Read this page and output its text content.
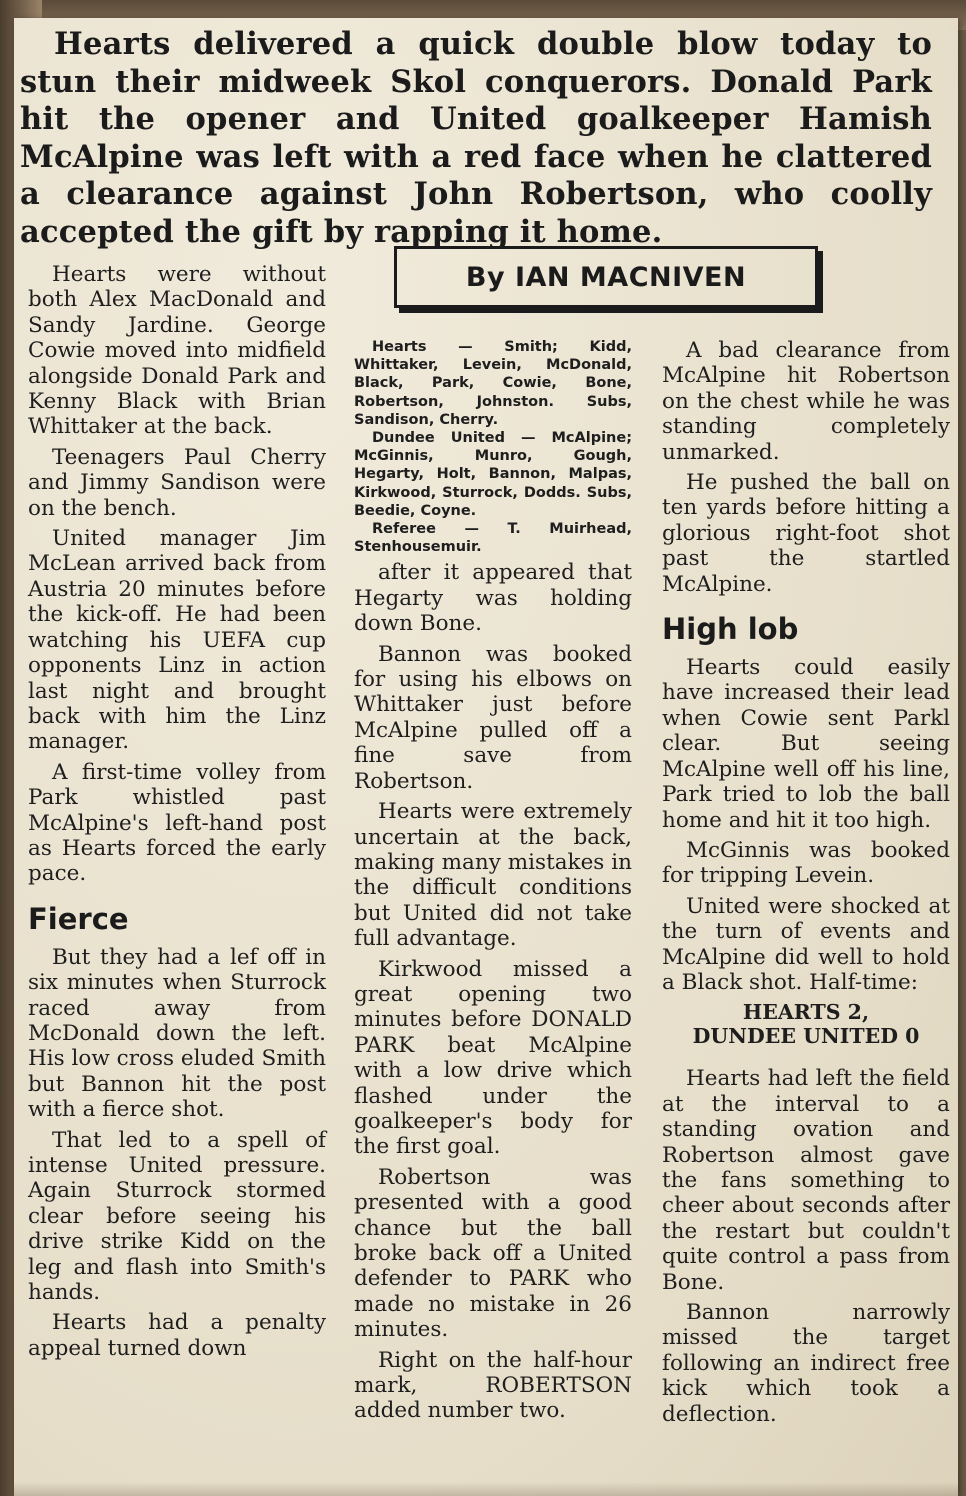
Hearts delivered a quick double blow today to stun their midweek Skol conquerors. Donald Park hit the opener and United goalkeeper Hamish McAlpine was left with a red face when he clattered a clearance against John Robertson, who coolly accepted the gift by rapping it home.
By IAN MACNIVEN

Hearts were without both Alex MacDonald and Sandy Jardine. George Cowie moved into midfield alongside Donald Park and Kenny Black with Brian Whittaker at the back.

Teenagers Paul Cherry and Jimmy Sandison were on the bench.

United manager Jim McLean arrived back from Austria 20 minutes before the kick-off. He had been watching his UEFA cup opponents Linz in action last night and brought back with him the Linz manager.

A first-time volley from Park whistled past McAlpine's left-hand post as Hearts forced the early pace.

Fierce

But they had a lef off in six minutes when Sturrock raced away from McDonald down the left. His low cross eluded Smith but Bannon hit the post with a fierce shot.

That led to a spell of intense United pressure. Again Sturrock stormed clear before seeing his drive strike Kidd on the leg and flash into Smith's hands.

Hearts had a penalty appeal turned down

Hearts — Smith; Kidd, Whittaker, Levein, McDonald, Black, Park, Cowie, Bone, Robertson, Johnston. Subs, Sandison, Cherry.
Dundee United — McAlpine; McGinnis, Munro, Gough, Hegarty, Holt, Bannon, Malpas, Kirkwood, Sturrock, Dodds. Subs, Beedie, Coyne.
Referee — T. Muirhead, Stenhousemuir.

after it appeared that Hegarty was holding down Bone.

Bannon was booked for using his elbows on Whittaker just before McAlpine pulled off a fine save from Robertson.

Hearts were extremely uncertain at the back, making many mistakes in the difficult conditions but United did not take full advantage.

Kirkwood missed a great opening two minutes before DONALD PARK beat McAlpine with a low drive which flashed under the goalkeeper's body for the first goal.

Robertson was presented with a good chance but the ball broke back off a United defender to PARK who made no mistake in 26 minutes.

Right on the half-hour mark, ROBERTSON added number two.

A bad clearance from McAlpine hit Robertson on the chest while he was standing completely unmarked.

He pushed the ball on ten yards before hitting a glorious right-foot shot past the startled McAlpine.

High lob

Hearts could easily have increased their lead when Cowie sent Parkl clear. But seeing McAlpine well off his line, Park tried to lob the ball home and hit it too high.

McGinnis was booked for tripping Levein.

United were shocked at the turn of events and McAlpine did well to hold a Black shot. Half-time:

HEARTS 2,
DUNDEE UNITED 0

Hearts had left the field at the interval to a standing ovation and Robertson almost gave the fans something to cheer about seconds after the restart but couldn't quite control a pass from Bone.

Bannon narrowly missed the target following an indirect free kick which took a deflection.
